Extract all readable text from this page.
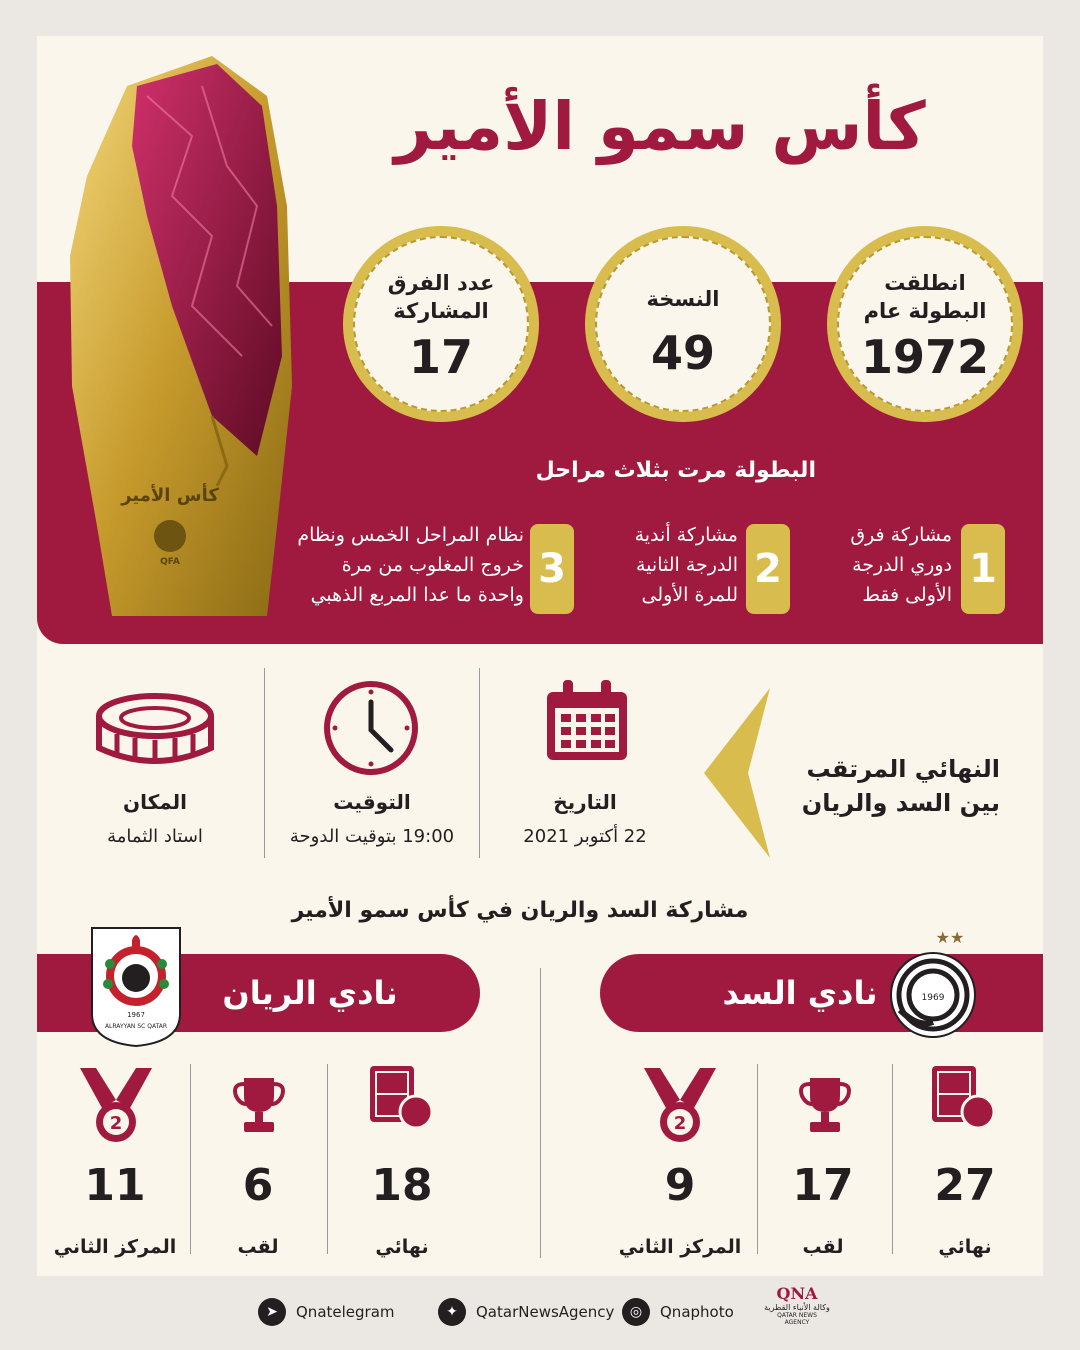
كأس سمو الأمير
كأس الأمير
QFA
انطلقت
البطولة عام
1972
النسخة
49
عدد الفرق
المشاركة
17
البطولة مرت بثلاث مراحل
1
مشاركة فرق
دوري الدرجة
الأولى فقط
2
مشاركة أندية
الدرجة الثانية
للمرة الأولى
3
نظام المراحل الخمس ونظام
خروج المغلوب من مرة
واحدة ما عدا المربع الذهبي
النهائي المرتقب
بين السد والريان
التاريخ
22 أكتوبر 2021
التوقيت
19:00 بتوقيت الدوحة
المكان
استاد الثمامة
مشاركة السد والريان في كأس سمو الأمير
نادي السد
★★
1969
نادي الريان
1967
ALRAYYAN SC QATAR
2
2
27
نهائي
17
لقب
9
المركز الثاني
18
نهائي
6
لقب
11
المركز الثاني
➤	Qnatelegram	✦	QatarNewsAgency	◎	Qnaphoto
QNA
وكالة الأنباء القطرية
QATAR NEWS AGENCY
